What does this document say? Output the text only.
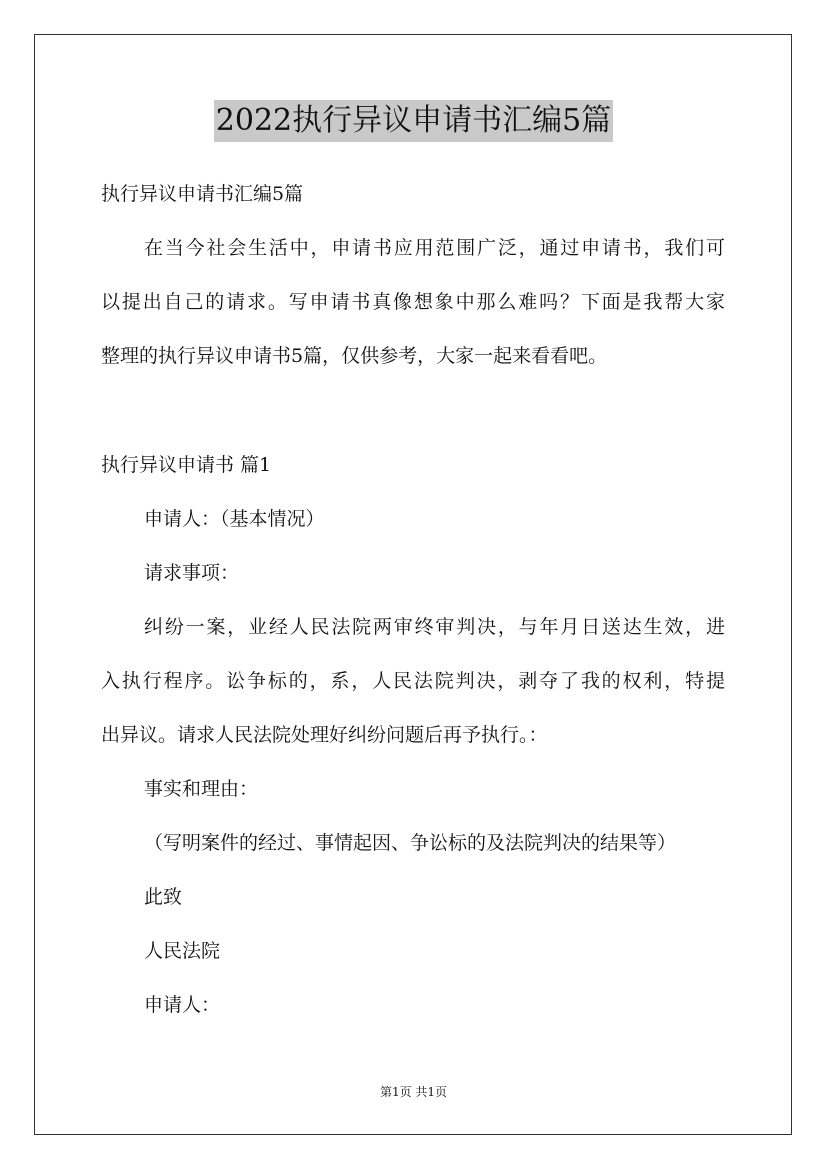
2022执行异议申请书汇编5篇
执行异议申请书汇编5篇
在当今社会生活中，申请书应用范围广泛，通过申请书，我们可
以提出自己的请求。写申请书真像想象中那么难吗？下面是我帮大家
整理的执行异议申请书5篇，仅供参考，大家一起来看看吧。
执行异议申请书 篇1
申请人：（基本情况）
请求事项：
纠纷一案，业经人民法院两审终审判决，与年月日送达生效，进
入执行程序。讼争标的，系，人民法院判决，剥夺了我的权利，特提
出异议。请求人民法院处理好纠纷问题后再予执行。：
事实和理由：
（写明案件的经过、事情起因、争讼标的及法院判决的结果等）
此致
人民法院
申请人：
第1页 共1页
